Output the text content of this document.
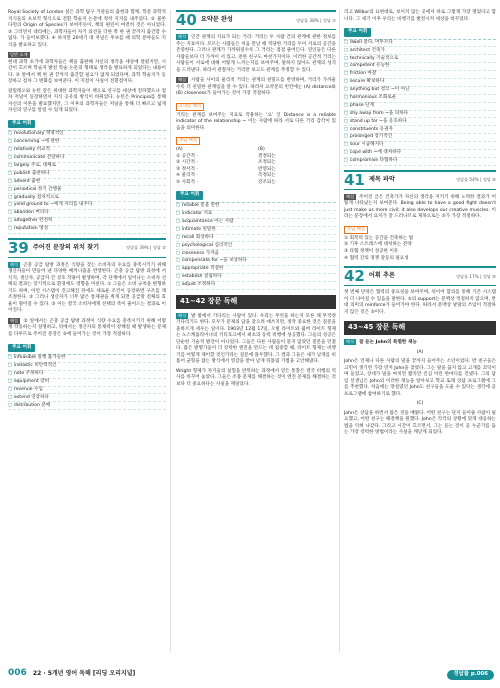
Royal Society of London 설은 과학 탐구 기관들의 출현과 함께, 학문 과학적 지식들의 초보적 형식으로 전환 학술지 논문에 정착 지지를 내주었다. ② 물론 다윈의 Origin of Species가 보여주듯이, 책의 편린이 여전히 것은 아니었다. ③ 그러면서 대리에는, 과학자들이 자기 의견을 더한 쪽 한 권 끝까지 출간할 수 없다. 가 들어보겠다. ④ 하지만 20세기 대 저널은 후보를 때 의학 분야들도 지식을 발표하고 있다.

일반 소개

현대 과학 초기에 과학자들은 책을 출판해 자신의 생각을 세상에 알렸지만, 시간이 흐르며 학술지 발전 학술 논문의 형태로 생각을 발표하게 되었다는 내용이다. ③ 앞에서 책 한 권 끝까지 출간할 필요가 없게 되었다며, 과학 학술지가 등장하고 점차 그 변화를 보여준다. 이 지점이 사실이 전환점이다.

갈릴레오와 뉴턴 같은 위대한 과학자들이 책으로 연구를 세상에 전파했으나 점차 저널이 등장하면서 지식 공유의 방식이 바뀌었다. 뉴턴은 Principia를 통해 자신의 이론을 발표했지만, 그 이후의 과학자들은 저널을 통해 더 빠르고 넓게 자신의 연구를 알릴 수 있게 되었다.

주요 어휘
□ revolutionary 혁명적인
□ concerning ~에 관한
□ relatively 비교적
□ communicate 전달하다
□ largely 주로, 대체로
□ publish 출판하다
□ advent 출현
□ periodical 정기 간행물
□ gradually 점차적으로
□ yield ground to ~에게 자리를 내주다
□ abandon 버리다
□ altogether 완전히
□ reputation 명성
39 주어진 문장의 위치 찾기	정답률 39% | 정답 ②

해석 곤충 공급 탐방 과정은 식량을 찾는 소비자의 수요를 충족시키기 위해 생산자들이 만들어 낸 다양한 메커니즘을 반영한다. 곤충 공급 탐방 과정에 서식지, 생산자, 공급자 간 상호 작용이 발생하며, 각 단계에서 일어나는 소비자 선택의 결과는 장기적으로 환경에도 영향을 미친다. ① 그들은 소비 규칙을 변형하기도 하며, 이런 시스템이 견고해진 뒤에도 새로운 조건이 등장하면 구조를 재조정한다. ② 그러나 생산자가 너무 많은 통제권을 쥐게 되면 공급망 전체의 효율이 떨어질 수 있다. ③ 이는 결국 소비자에게 선택의 폭이 줄어드는 결과로 이어진다.

해설 ② 앞에서는 곤충 공급 탐방 과정이 식량 수요를 충족시키기 위해 어떻게 작동하는지 설명하고, 뒤에서는 생산자의 통제력이 강해질 때 발생하는 문제를 다루므로 주어진 문장은 ②에 들어가는 것이 가장 적절하다.

주요 어휘
□ infeasible 실행 불가능한
□ inelastic 비탄력적인
□ note 주목하다
□ equipment 장비
□ revenue 수입
□ extend 연장하다
□ distribution 분배
40 요약문 완성	정답률 38% | 정답 ①

해석 인간 관계의 지표가 되는 거리: 거리는 두 사람 간의 관계에 관한 정보를 주는 지표이다. 모르는 사람들은 처음 만날 때 적당한 거리를 두어 서로의 공간을 존중한다. 그러나 관계가 가까워질수록 그 거리는 점점 줄어든다. 연인들은 다른 사람들보다 더 가까이 서 있고, 친한 친구도 마찬가지이다. 이러한 공간적 거리는 사람들이 서로에 대해 어떻게 느끼는지를 보여주며, 말하지 않아도 관계의 성격을 드러낸다. 따라서 관찰자는 거리만 보고도 관계를 추정할 수 있다.

해설 사람들 사이의 물리적 거리는 관계의 친밀도를 반영하며, 거리가 가까울수록 더 친밀한 관계임을 알 수 있다. 따라서 요약문의 빈칸에는 (A) distance와 (B) closeness가 들어가는 것이 가장 적절하다.

요약문 해석

거리는 관계를 보여주는 지표로 작용하는 ‘요’ 인 Distance is a reliable indicator of the relationship ~ 이는 사람에 따라 서로 다른 거리 감각이 있음을 의미한다.

정답 해설
(A)	(B)
① 공간적 ·	결정되는
② 시간적 ·	조정되는
③ 정서적 ·	반영되는
④ 물리적 ·	측정되는
⑤ 사회적 ·	강조되는
주요 어휘
□ reliable 믿을 만한
□ indicator 지표
□ acquaintance 아는 사람
□ intimate 친밀한
□ recall 회상하다
□ psychological 심리적인
□ closeness 가까움
□ compensate for ~을 보상하다
□ appropriate 적절한
□ establish 설립하다
□ adjust 조정하다
41~42 장문 독해

해석 발 밖에서 기다리는 사람이 있다. 우리는 무엇을 하는지 모른 채 무작정 기다리기도 한다. 모두가 문제의 답을 찾으려 애쓰지만, 정작 중요한 것은 질문을 올바르게 세우는 일이다. 1903년 12월 17일, 오빌 라이트와 윌버 라이트 형제는 노스캐롤라이나의 키티호크에서 최초의 동력 비행에 성공했다. 그들의 성공은 단순한 기술적 발견이 아니었다. 그들은 다른 사람들이 묻지 않았던 질문을 던졌다. 많은 발명가들이 더 강력한 엔진을 만드는 데 집중할 때, 라이트 형제는 비행기를 어떻게 제어할 것인가라는 질문에 몰두했다. 그 결과 그들은 새가 날개를 비틀어 균형을 잡는 방식에서 영감을 받아 날개 뒤틀림 기법을 고안해냈다.

Wright 형제가 자기들의 실험을 반복하는 과정에서 얻은 통찰은 결국 비행의 역사를 바꾸어 놓았다. 그들은 조종 문제를 해결하는 것이 엔진 문제를 해결하는 것보다 더 중요하다는 사실을 깨달았다.

리고 Wilbur의 표현대로, 보이지 않는 곳에서 바로 그렇게 가장 멀었다고 합니다. 그 세기 이후 우리는 비행기를 발전시켜 세상을 바꾸었다.

주요 어휘
□ dwell 살다, 머무르다
□ architect 건축가
□ technically 기술적으로
□ competent 유능한
□ friction 마찰
□ secure 확보하다
□ anything but 결코 ~이 아닌
□ harmonious 조화로운
□ phase 단계
□ shy away from ~을 피하다
□ stand up for ~을 옹호하다
□ constituents 유권자
□ prolonged 장기적인
□ sour 시큼해지다
□ cope with ~에 대처하다
□ compromise 타협하다
41 제목 파악	정답률 54% | 정답 ⑤

해설 주어진 글은 건축가가 자신의 생각을 지키기 위해 노력한 결과가 어떻게 나타났는지 보여준다. Being able to have a good fight doesn't just make us more civil; it also develops our creative muscles. 이라는 문장에서 요지가 잘 드러나므로 제목으로는 ⑤가 가장 적절하다.

오답 해설
① 회복력 있는 공간을 건축하는 법
② 기후 스트레스에 대처하는 전략
③ 타협 정책이 성공한 이유
④ 협력 간의 경쟁 갈등의 필요성
42 어휘 추론	정답률 17% | 정답 ⑤

첫 번째 단락은 협력의 중요성을 보여주며, 뒤이어 합의를 통해 기존 시스템이 더 나아질 수 있음을 말한다. ⑤의 support는 문맥상 적절하지 않으며, 반대 의미의 reinforce가 들어가야 한다. 따라서 문맥상 낱말의 쓰임이 적절하지 않은 것은 ⑤이다.

43~45 장문 독해

해석 잘 듣는 John의 특별한 재능

(A)

John은 언제나 다른 사람의 말을 끝까지 들어주는 소년이었다. 반 친구들은 고민이 생기면 가장 먼저 John을 찾았다. 그는 말을 끊지 않고 고개를 끄덕이며 들었고, 상대가 말을 마치면 짧지만 진심 어린 한마디를 건넸다. 그의 담임 선생님은 John의 이러한 재능을 알아보고 학교 또래 상담 프로그램에 그를 추천했다. 처음에는 망설였던 John도 친구들을 도울 수 있다는 생각에 곧 프로그램에 참여하기로 했다.

(C)

John은 상담을 하면서 많은 것을 배웠다. 어떤 친구는 단지 들어줄 사람이 필요했고, 어떤 친구는 해결책을 원했다. John은 각각의 상황에 맞게 대응하는 법을 익혀 나갔다. 그리고 시간이 흐르면서, 그는 듣는 것이 곧 누군가를 돕는 가장 강력한 방법이라는 사실을 깨닫게 되었다.

006 22 · 5개년 영어 독해 [리딩 오리지널]	정답률 p.006
